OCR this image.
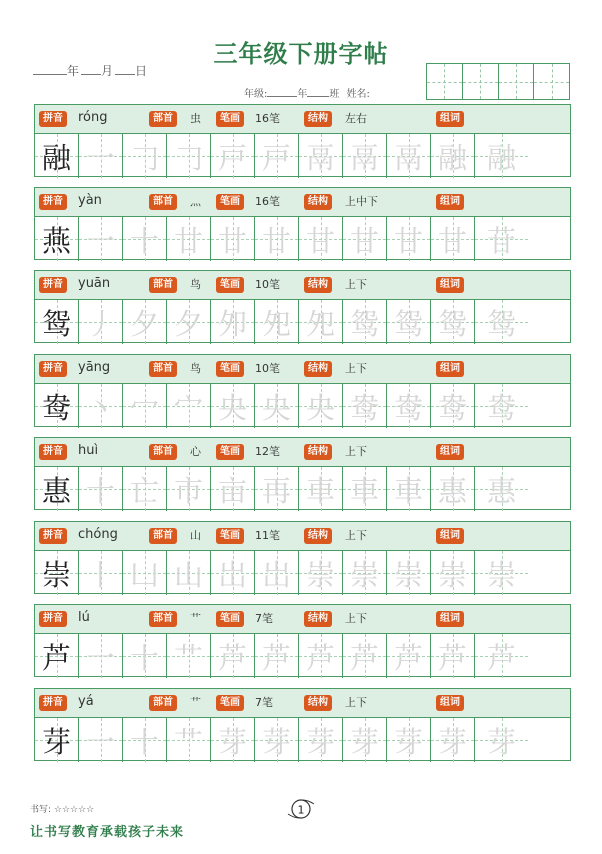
三年级下册字帖
年 月 日
年级:	年 班 姓名:
拼音	róng	部首	虫	笔画	16笔	结构	左右	组词
融 一 𠃌 𠃌 戸 戸 鬲 鬲 鬲 融 融
拼音	yàn	部首	灬	笔画	16笔	结构	上中下	组词
燕 一 十 廿 廿 廿 甘 甘 甘 甘 苷
拼音	yuān	部首	鸟	笔画	10笔	结构	上下	组词
鸳 丿 夕 夕 夘 夗 夗 鸳 鸳 鸳 鸳
拼音	yāng	部首	鸟	笔画	10笔	结构	上下	组词
鸯 丶 冖 宀 央 央 央 鸯 鸯 鸯 鸯
拼音	huì	部首	心	笔画	12笔	结构	上下	组词
惠 十 亡 市 亩 再 車 車 車 惠 惠
拼音	chóng	部首	山	笔画	11笔	结构	上下	组词
崇 丨 凵 山 岀 岀 崇 崇 崇 崇 崇
拼音	lú	部首	艹	笔画	7笔	结构	上下	组词
芦 一 十 艹 芦 芦 芦 芦 芦 芦 芦
拼音	yá	部首	艹	笔画	7笔	结构	上下	组词
芽 一 十 艹 芽 芽 芽 芽 芽 芽 芽
书写: ☆☆☆☆☆	1
让书写教育承载孩子未来
